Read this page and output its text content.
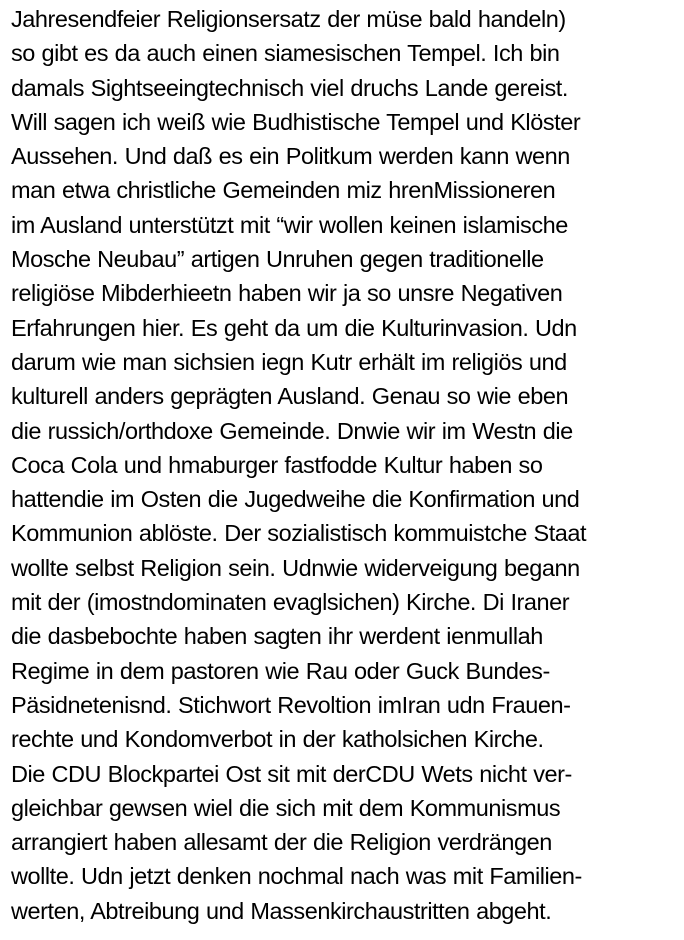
Jahresendfeier Religionsersatz der müse bald handeln)
so gibt es da auch einen siamesischen Tempel. Ich bin
damals Sightseeingtechnisch viel druchs Lande gereist.
Will sagen ich weiß wie Budhistische Tempel und Klöster
Aussehen. Und daß es ein Politkum werden kann wenn
man etwa christliche Gemeinden miz hrenMissioneren
im Ausland unterstützt mit “wir wollen keinen islamische
Mosche Neubau” artigen Unruhen gegen traditionelle
religiöse Mibderhieetn haben wir ja so unsre Negativen
Erfahrungen hier. Es geht da um die Kulturinvasion. Udn
darum wie man sichsien iegn Kutr erhält im religiös und
kulturell anders geprägten Ausland. Genau so wie eben
die russich/orthdoxe Gemeinde. Dnwie wir im Westn die
Coca Cola und hmaburger fastfodde Kultur haben so
hattendie im Osten die Jugedweihe die Konfirmation und
Kommunion ablöste. Der sozialistisch kommuistche Staat
wollte selbst Religion sein. Udnwie widerveigung begann
mit der (imostndominaten evaglsichen) Kirche. Di Iraner
die dasbebochte haben sagten ihr werdent ienmullah
Regime in dem pastoren wie Rau oder Guck Bundes-
Päsidnetenisnd. Stichwort Revoltion imIran udn Frauen-
rechte und Kondomverbot in der katholsichen Kirche.
Die CDU Blockpartei Ost sit mit derCDU Wets nicht ver-
gleichbar gewsen wiel die sich mit dem Kommunismus
arrangiert haben allesamt der die Religion verdrängen
wollte. Udn jetzt denken nochmal nach was mit Familien-
werten, Abtreibung und Massenkirchaustritten abgeht.
